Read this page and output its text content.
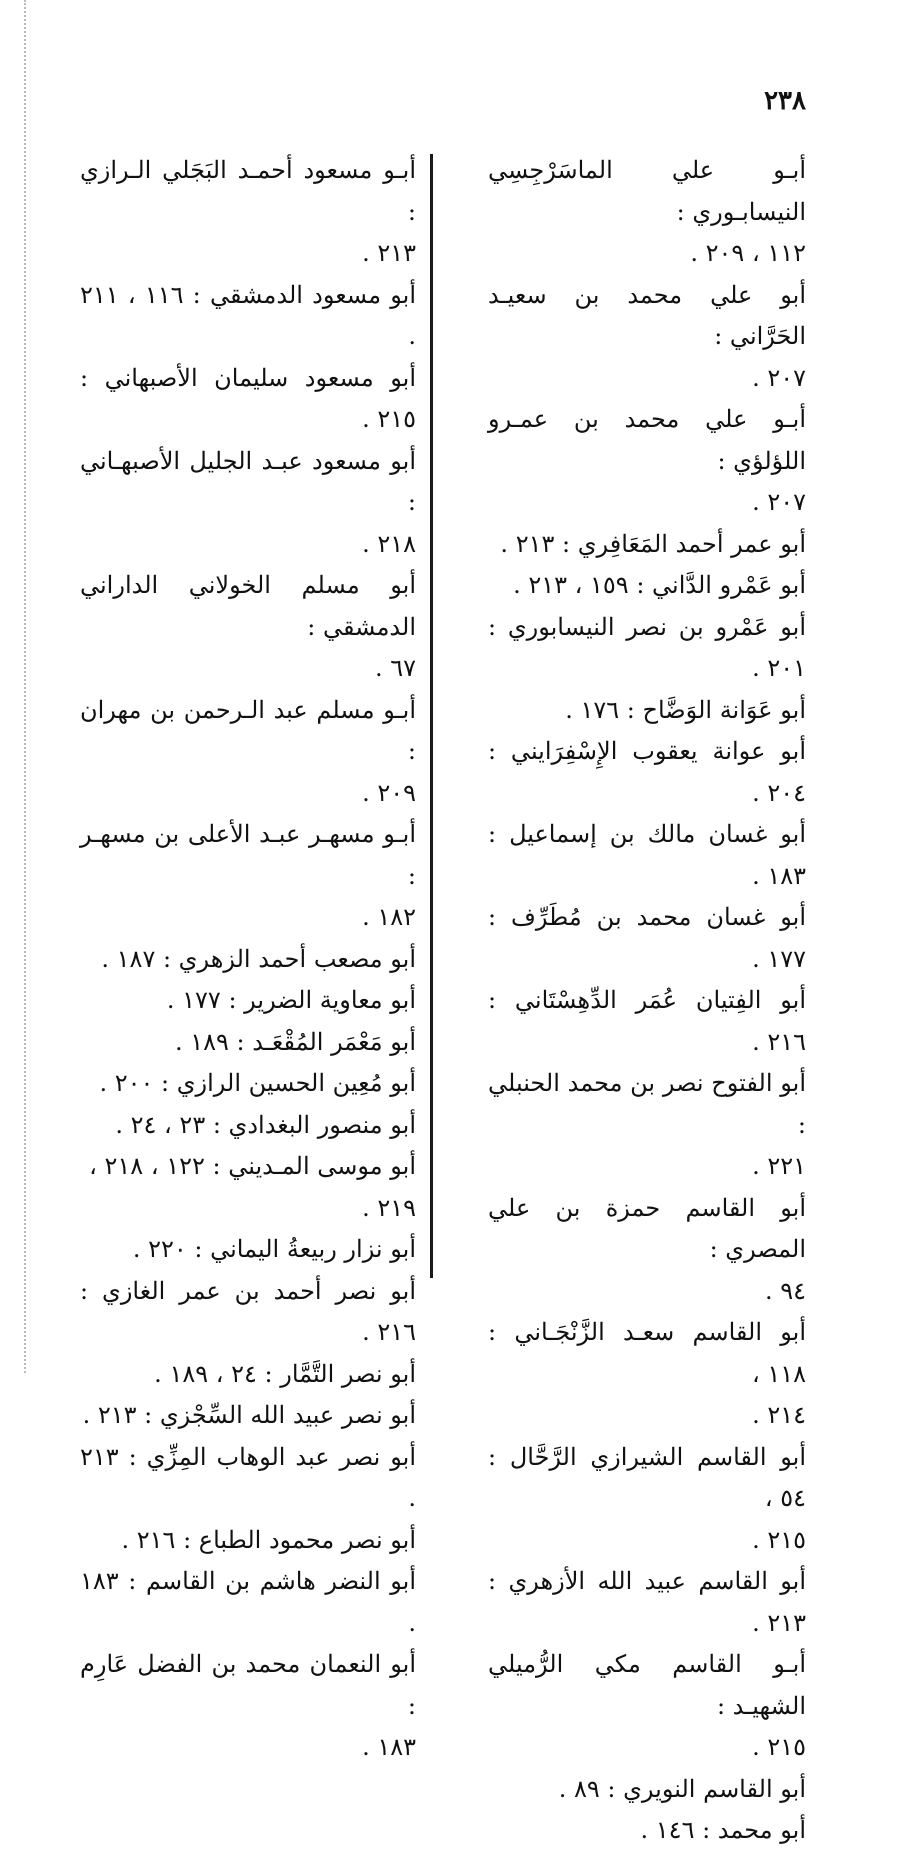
٢٣٨

أبـو علي الماسَرْجِسِي النيسابـوري :
١١٢ ، ٢٠٩ .

أبو علي محمد بن سعيـد الحَرَّاني :
٢٠٧ .

أبـو علي محمد بن عمـرو اللؤلؤي :
٢٠٧ .

أبو عمر أحمد المَعَافِري : ٢١٣ .

أبو عَمْرو الدَّاني : ١٥٩ ، ٢١٣ .

أبو عَمْرو بن نصر النيسابوري : ٢٠١ .

أبو عَوَانة الوَضَّاح : ١٧٦ .

أبو عوانة يعقوب الإِسْفِرَايني : ٢٠٤ .

أبو غسان مالك بن إسماعيل : ١٨٣ .

أبو غسان محمد بن مُطَرِّف : ١٧٧ .

أبو الفِتيان عُمَر الدِّهِسْتَاني : ٢١٦ .

أبو الفتوح نصر بن محمد الحنبلي :
٢٢١ .

أبو القاسم حمزة بن علي المصري :
٩٤ .

أبو القاسم سعـد الزَّنْجَـاني : ١١٨ ،
٢١٤ .

أبو القاسم الشيرازي الرَّحَّال : ٥٤ ،
٢١٥ .

أبو القاسم عبيد الله الأزهري : ٢١٣ .

أبـو القاسم مكي الرُّميلي الشهيـد :
٢١٥ .

أبو القاسم النويري : ٨٩ .

أبو محمد : ١٤٦ .

أبـو مسعود أحمـد البَجَلي الـرازي :
٢١٣ .

أبو مسعود الدمشقي : ١١٦ ، ٢١١ .

أبو مسعود سليمان الأصبهاني : ٢١٥ .

أبو مسعود عبـد الجليل الأصبهـاني :
٢١٨ .

أبو مسلم الخولاني الداراني الدمشقي :
٦٧ .

أبـو مسلم عبد الـرحمن بن مهران :
٢٠٩ .

أبـو مسهـر عبـد الأعلى بن مسهـر :
١٨٢ .

أبو مصعب أحمد الزهري : ١٨٧ .

أبو معاوية الضرير : ١٧٧ .

أبو مَعْمَر المُقْعَـد : ١٨٩ .

أبو مُعِين الحسين الرازي : ٢٠٠ .

أبو منصور البغدادي : ٢٣ ، ٢٤ .

أبو موسى المـديني : ١٢٢ ، ٢١٨ ،
٢١٩ .

أبو نزار ربيعةُ اليماني : ٢٢٠ .

أبو نصر أحمد بن عمر الغازي : ٢١٦ .

أبو نصر التَّمَّار : ٢٤ ، ١٨٩ .

أبو نصر عبيد الله السِّجْزي : ٢١٣ .

أبو نصر عبد الوهاب المِزِّي : ٢١٣ .

أبو نصر محمود الطباع : ٢١٦ .

أبو النضر هاشم بن القاسم : ١٨٣ .

أبو النعمان محمد بن الفضل عَارِم :
١٨٣ .
